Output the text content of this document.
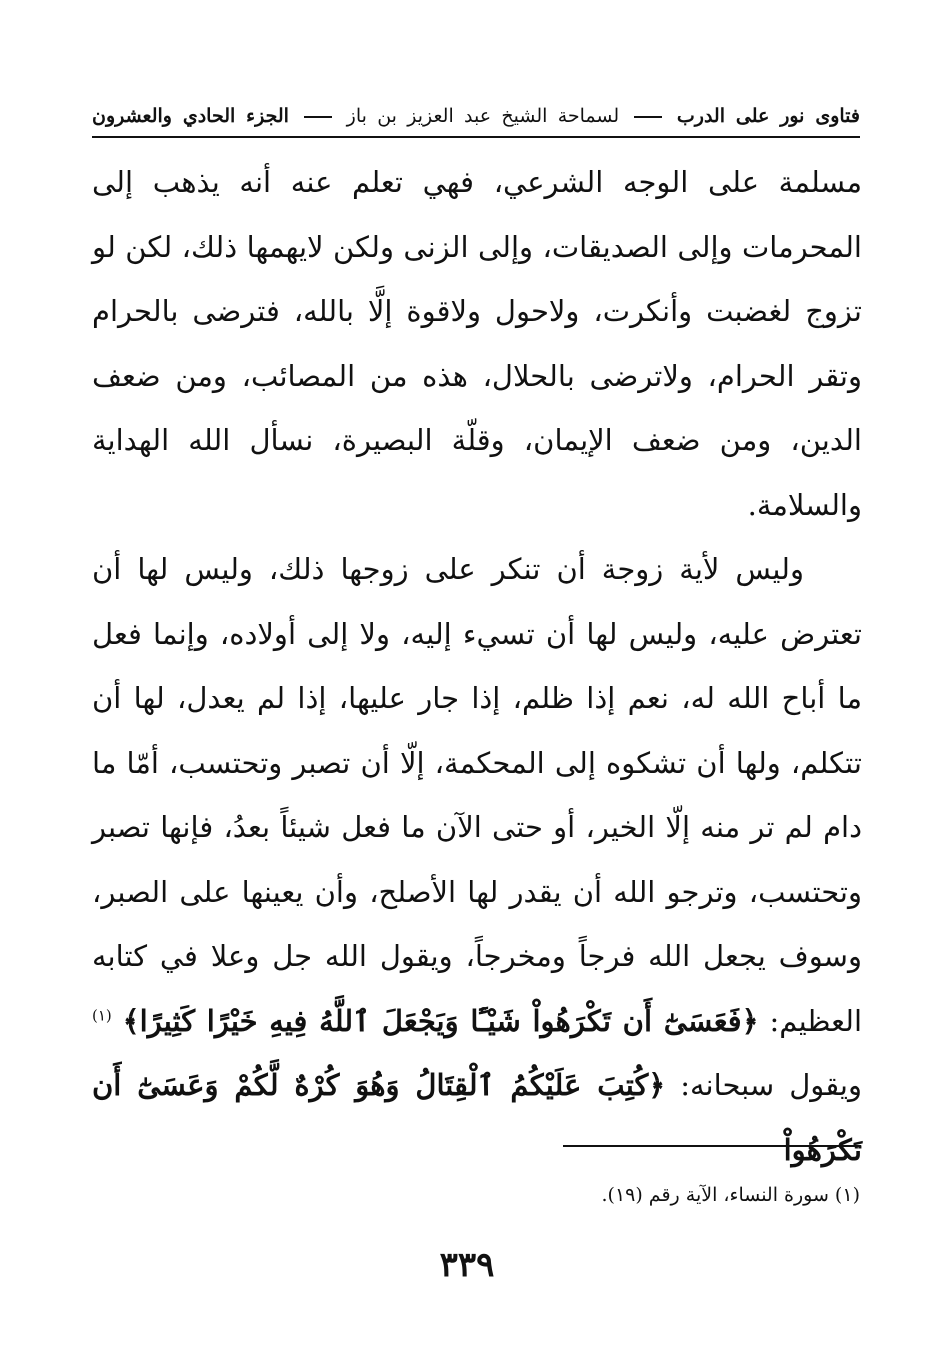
فتاوى نور على الدرب  لسماحة الشيخ عبد العزيز بن باز  الجزء الحادي والعشرون

مسلمة على الوجه الشرعي، فهي تعلم عنه أنه يذهب إلى المحرمات وإلى الصديقات، وإلى الزنى ولكن لايهمها ذلك، لكن لو تزوج لغضبت وأنكرت، ولاحول ولاقوة إلَّا بالله، فترضى بالحرام وتقر الحرام، ولاترضى بالحلال، هذه من المصائب، ومن ضعف الدين، ومن ضعف الإيمان، وقلّة البصيرة، نسأل الله الهداية والسلامة.

وليس لأية زوجة أن تنكر على زوجها ذلك، وليس لها أن تعترض عليه، وليس لها أن تسيء إليه، ولا إلى أولاده، وإنما فعل ما أباح الله له، نعم إذا ظلم، إذا جار عليها، إذا لم يعدل، لها أن تتكلم، ولها أن تشكوه إلى المحكمة، إلّا أن تصبر وتحتسب، أمّا ما دام لم تر منه إلّا الخير، أو حتى الآن ما فعل شيئاً بعدُ، فإنها تصبر وتحتسب، وترجو الله أن يقدر لها الأصلح، وأن يعينها على الصبر، وسوف يجعل الله فرجاً ومخرجاً، ويقول الله جل وعلا في كتابه العظيم: ﴿فَعَسَىٰٓ أَن تَكْرَهُواْ شَيْـًٔا وَيَجْعَلَ ٱللَّهُ فِيهِ خَيْرًا كَثِيرًا﴾ $^{(١)}$ ويقول سبحانه: ﴿كُتِبَ عَلَيْكُمُ ٱلْقِتَالُ وَهُوَ كُرْهٌ لَّكُمْ وَعَسَىٰٓ أَن تَكْرَهُواْ

(١) سورة النساء، الآية رقم (١٩).
٣٣٩
